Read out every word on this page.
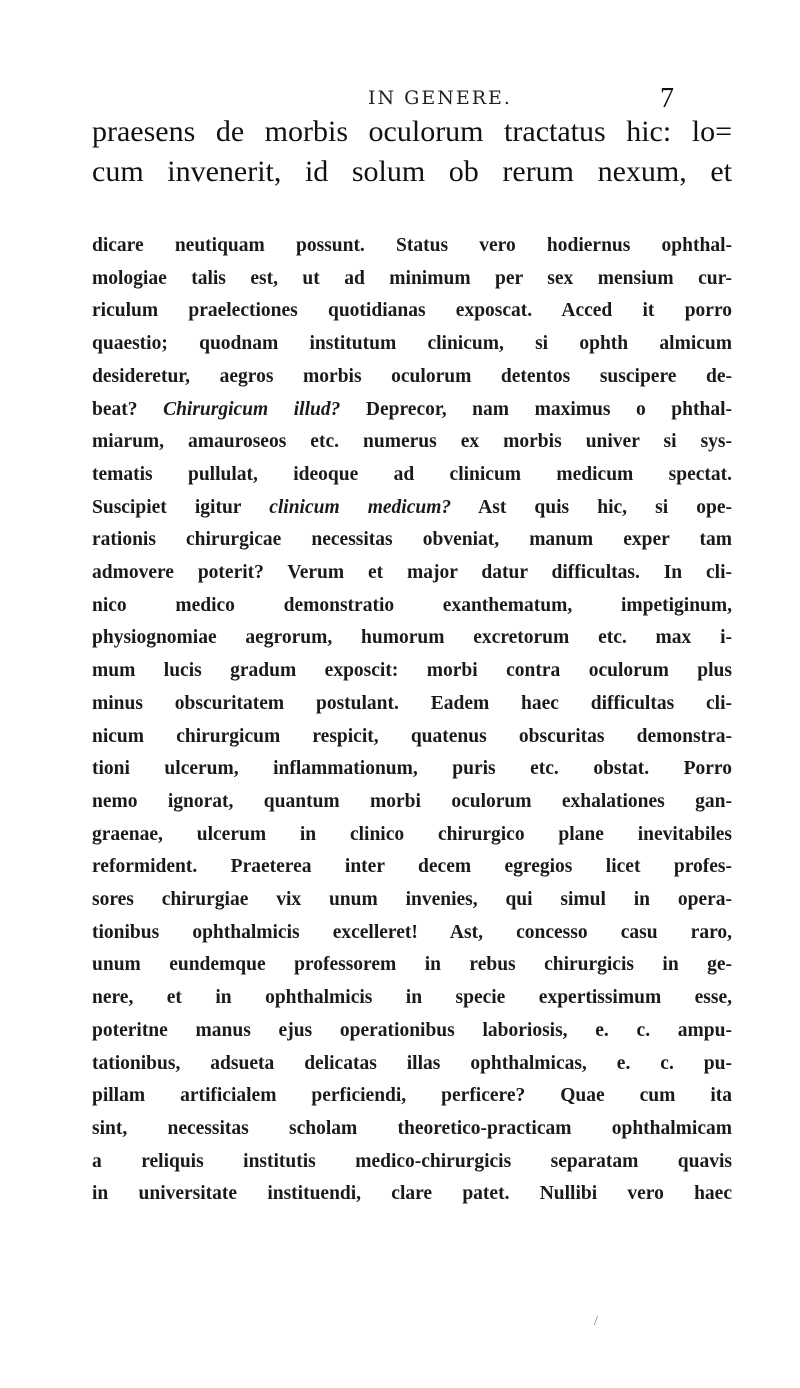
IN GENERE.	7
praesens de morbis oculorum tractatus hic: lo=
cum invenerit, id solum ob rerum nexum, et
dicare neutiquam possunt. Status vero hodiernus ophthal-
mologiae talis est, ut ad minimum per sex mensium cur-
riculum praelectiones quotidianas exposcat. Acced it porro
quaestio; quodnam institutum clinicum, si ophth almicum
desideretur, aegros morbis oculorum detentos suscipere de-
beat? Chirurgicum illud? Deprecor, nam maximus o phthal-
miarum, amauroseos etc. numerus ex morbis univer si sys-
tematis pullulat, ideoque ad clinicum medicum spectat.
Suscipiet igitur clinicum medicum? Ast quis hic, si ope-
rationis chirurgicae necessitas obveniat, manum exper tam
admovere poterit? Verum et major datur difficultas. In cli-
nico medico demonstratio exanthematum, impetiginum,
physiognomiae aegrorum, humorum excretorum etc. max i-
mum lucis gradum exposcit: morbi contra oculorum plus
minus obscuritatem postulant. Eadem haec difficultas cli-
nicum chirurgicum respicit, quatenus obscuritas demonstra-
tioni ulcerum, inflammationum, puris etc. obstat. Porro
nemo ignorat, quantum morbi oculorum exhalationes gan-
graenae, ulcerum in clinico chirurgico plane inevitabiles
reformident. Praeterea inter decem egregios licet profes-
sores chirurgiae vix unum invenies, qui simul in opera-
tionibus ophthalmicis excelleret! Ast, concesso casu raro,
unum eundemque professorem in rebus chirurgicis in ge-
nere, et in ophthalmicis in specie expertissimum esse,
poteritne manus ejus operationibus laboriosis, e. c. ampu-
tationibus, adsueta delicatas illas ophthalmicas, e. c. pu-
pillam artificialem perficiendi, perficere? Quae cum ita
sint, necessitas scholam theoretico-practicam ophthalmicam
a reliquis institutis medico-chirurgicis separatam quavis
in universitate instituendi, clare patet. Nullibi vero haec
/
